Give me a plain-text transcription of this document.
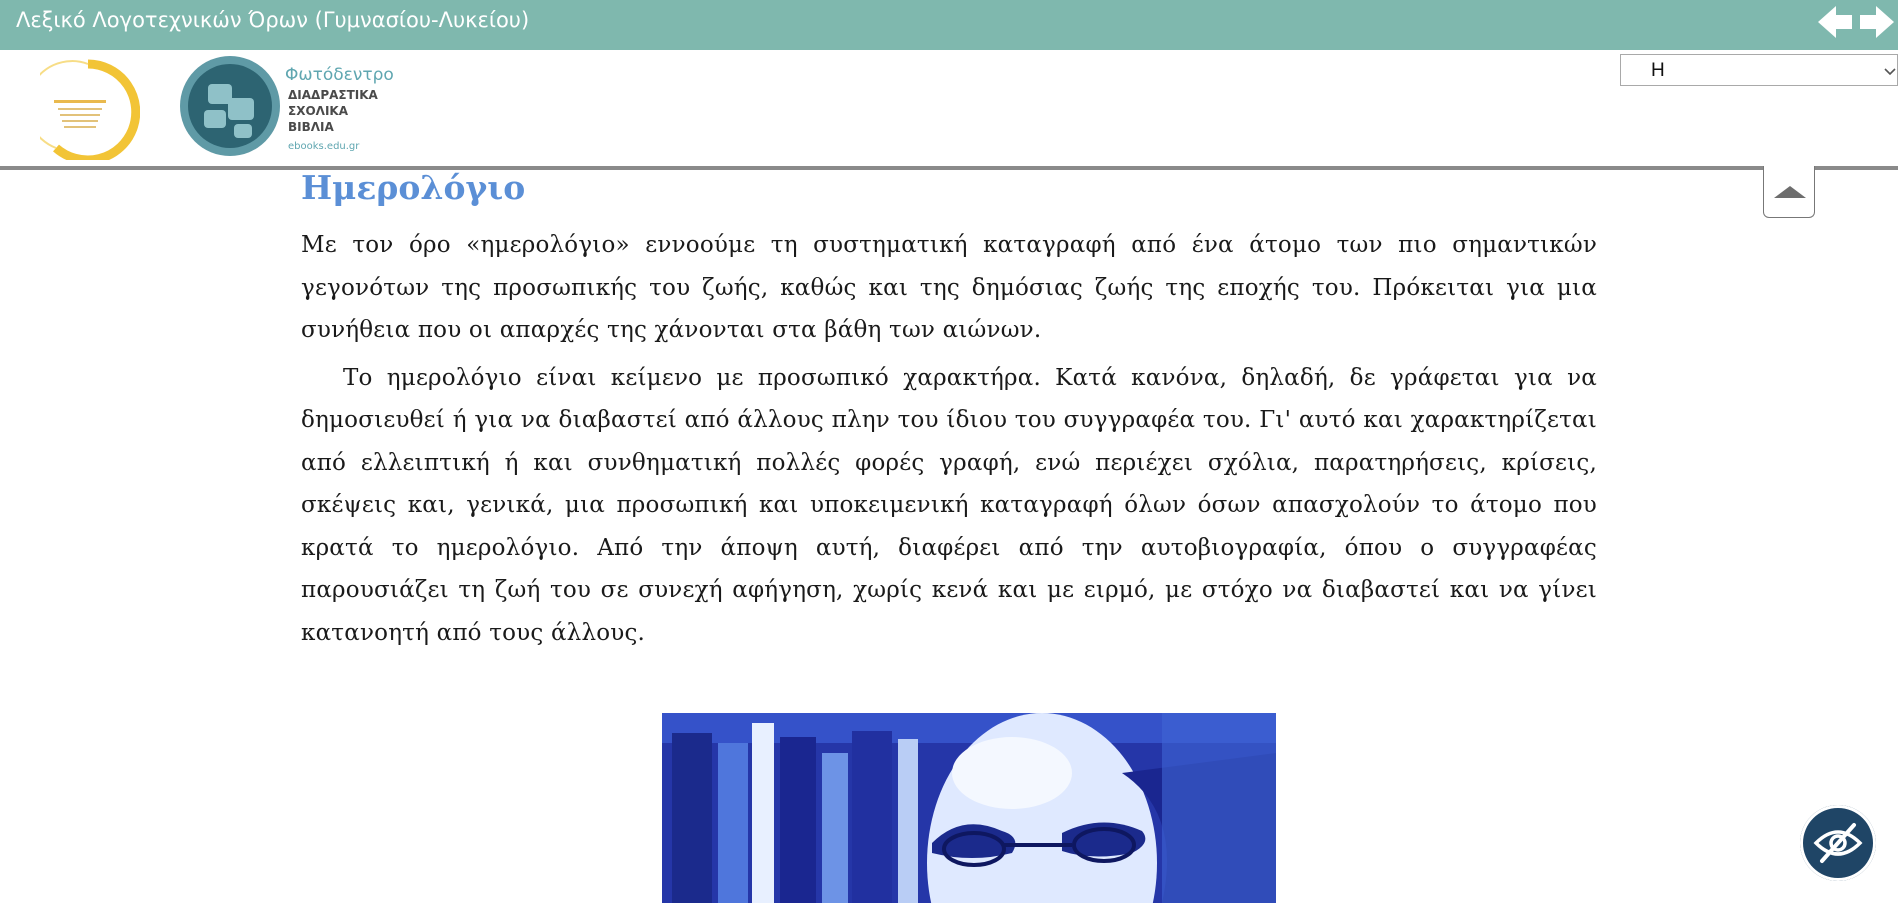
Λεξικό Λογοτεχνικών Όρων (Γυμνασίου-Λυκείου)
Φωτόδεντρο
ΔΙΑΔΡΑΣΤΙΚΑ
ΣΧΟΛΙΚΑ
ΒΙΒΛΙΑ
ebooks.edu.gr
Η
Ημερολόγιο

Με τον όρο «ημερολόγιο» εννοούμε τη συστηματική καταγραφή από ένα άτομο των πιο σημαντικών γεγονότων της προσωπικής του ζωής, καθώς και της δημόσιας ζωής της εποχής του. Πρόκειται για μια συνήθεια που οι απαρχές της χάνονται στα βάθη των αιώνων.

Το ημερολόγιο είναι κείμενο με προσωπικό χαρακτήρα. Κατά κανόνα, δηλαδή, δε γράφεται για να δημοσιευθεί ή για να διαβαστεί από άλλους πλην του ίδιου του συγγραφέα του. Γι' αυτό και χαρακτηρίζεται από ελλειπτική ή και συνθηματική πολλές φορές γραφή, ενώ περιέχει σχόλια, παρατηρήσεις, κρίσεις, σκέψεις και, γενικά, μια προσωπική και υποκειμενική καταγραφή όλων όσων απασχολούν το άτομο που κρατά το ημερολόγιο. Από την άποψη αυτή, διαφέρει από την αυτοβιογραφία, όπου ο συγγραφέας παρουσιάζει τη ζωή του σε συνεχή αφήγηση, χωρίς κενά και με ειρμό, με στόχο να διαβαστεί και να γίνει κατανοητή από τους άλλους.
